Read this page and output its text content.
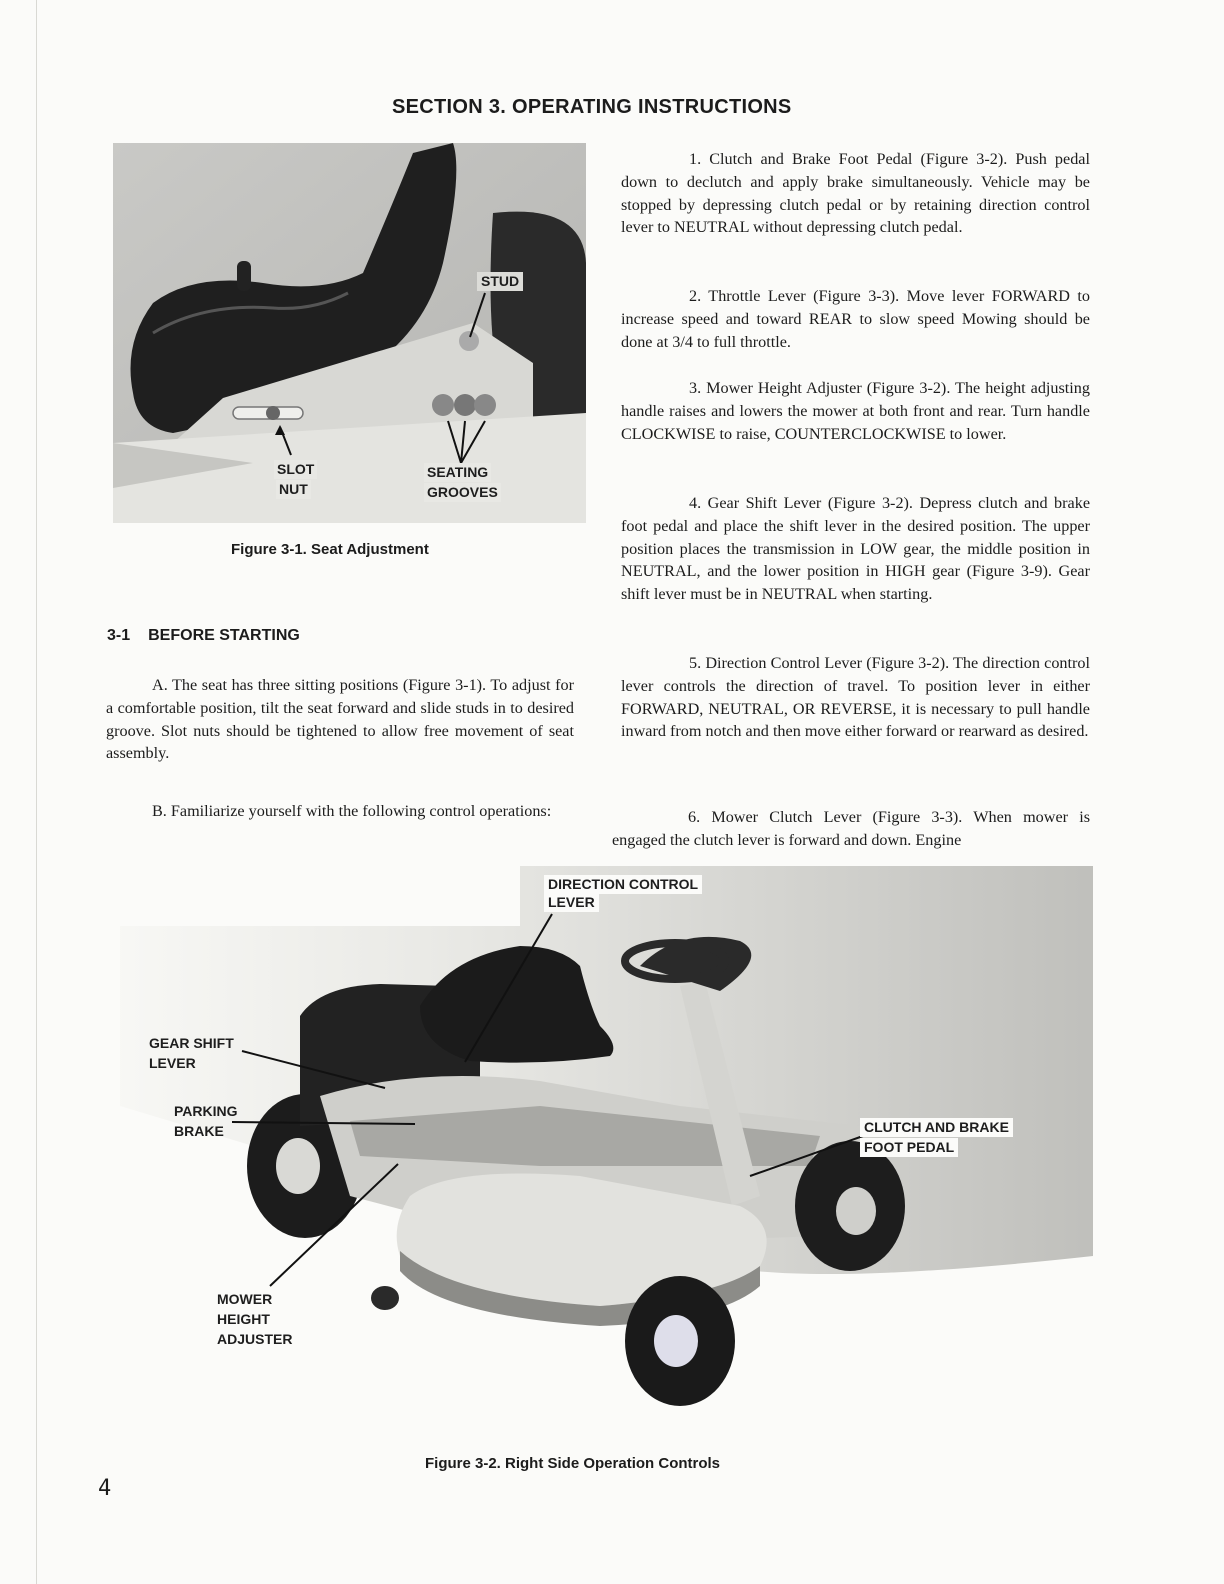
SECTION 3. OPERATING INSTRUCTIONS
STUD
SLOT
NUT
SEATING
GROOVES
Figure 3-1. Seat Adjustment
3-1 BEFORE STARTING
A. The seat has three sitting positions (Figure 3-1). To adjust for a comfortable position, tilt the seat forward and slide studs in to desired groove. Slot nuts should be tightened to allow free movement of seat assembly.
B. Familiarize yourself with the following control operations:
1. Clutch and Brake Foot Pedal (Figure 3-2). Push pedal down to declutch and apply brake simultaneously. Vehicle may be stopped by depressing clutch pedal or by retaining direction control lever to NEUTRAL without depressing clutch pedal.
2. Throttle Lever (Figure 3-3). Move lever FORWARD to increase speed and toward REAR to slow speed Mowing should be done at 3/4 to full throttle.
3. Mower Height Adjuster (Figure 3-2). The height adjusting handle raises and lowers the mower at both front and rear. Turn handle CLOCKWISE to raise, COUNTERCLOCKWISE to lower.
4. Gear Shift Lever (Figure 3-2). Depress clutch and brake foot pedal and place the shift lever in the desired position. The upper position places the transmission in LOW gear, the middle position in NEUTRAL, and the lower position in HIGH gear (Figure 3-9). Gear shift lever must be in NEUTRAL when starting.
5. Direction Control Lever (Figure 3-2). The direction control lever controls the direction of travel. To position lever in either FORWARD, NEUTRAL, OR REVERSE, it is necessary to pull handle inward from notch and then move either forward or rearward as desired.
6. Mower Clutch Lever (Figure 3-3). When mower is engaged the clutch lever is forward and down. Engine
DIRECTION CONTROL
LEVER
GEAR SHIFT
LEVER
PARKING
BRAKE	CLUTCH AND BRAKE
FOOT PEDAL
MOWER
HEIGHT
ADJUSTER
Figure 3-2. Right Side Operation Controls
4
